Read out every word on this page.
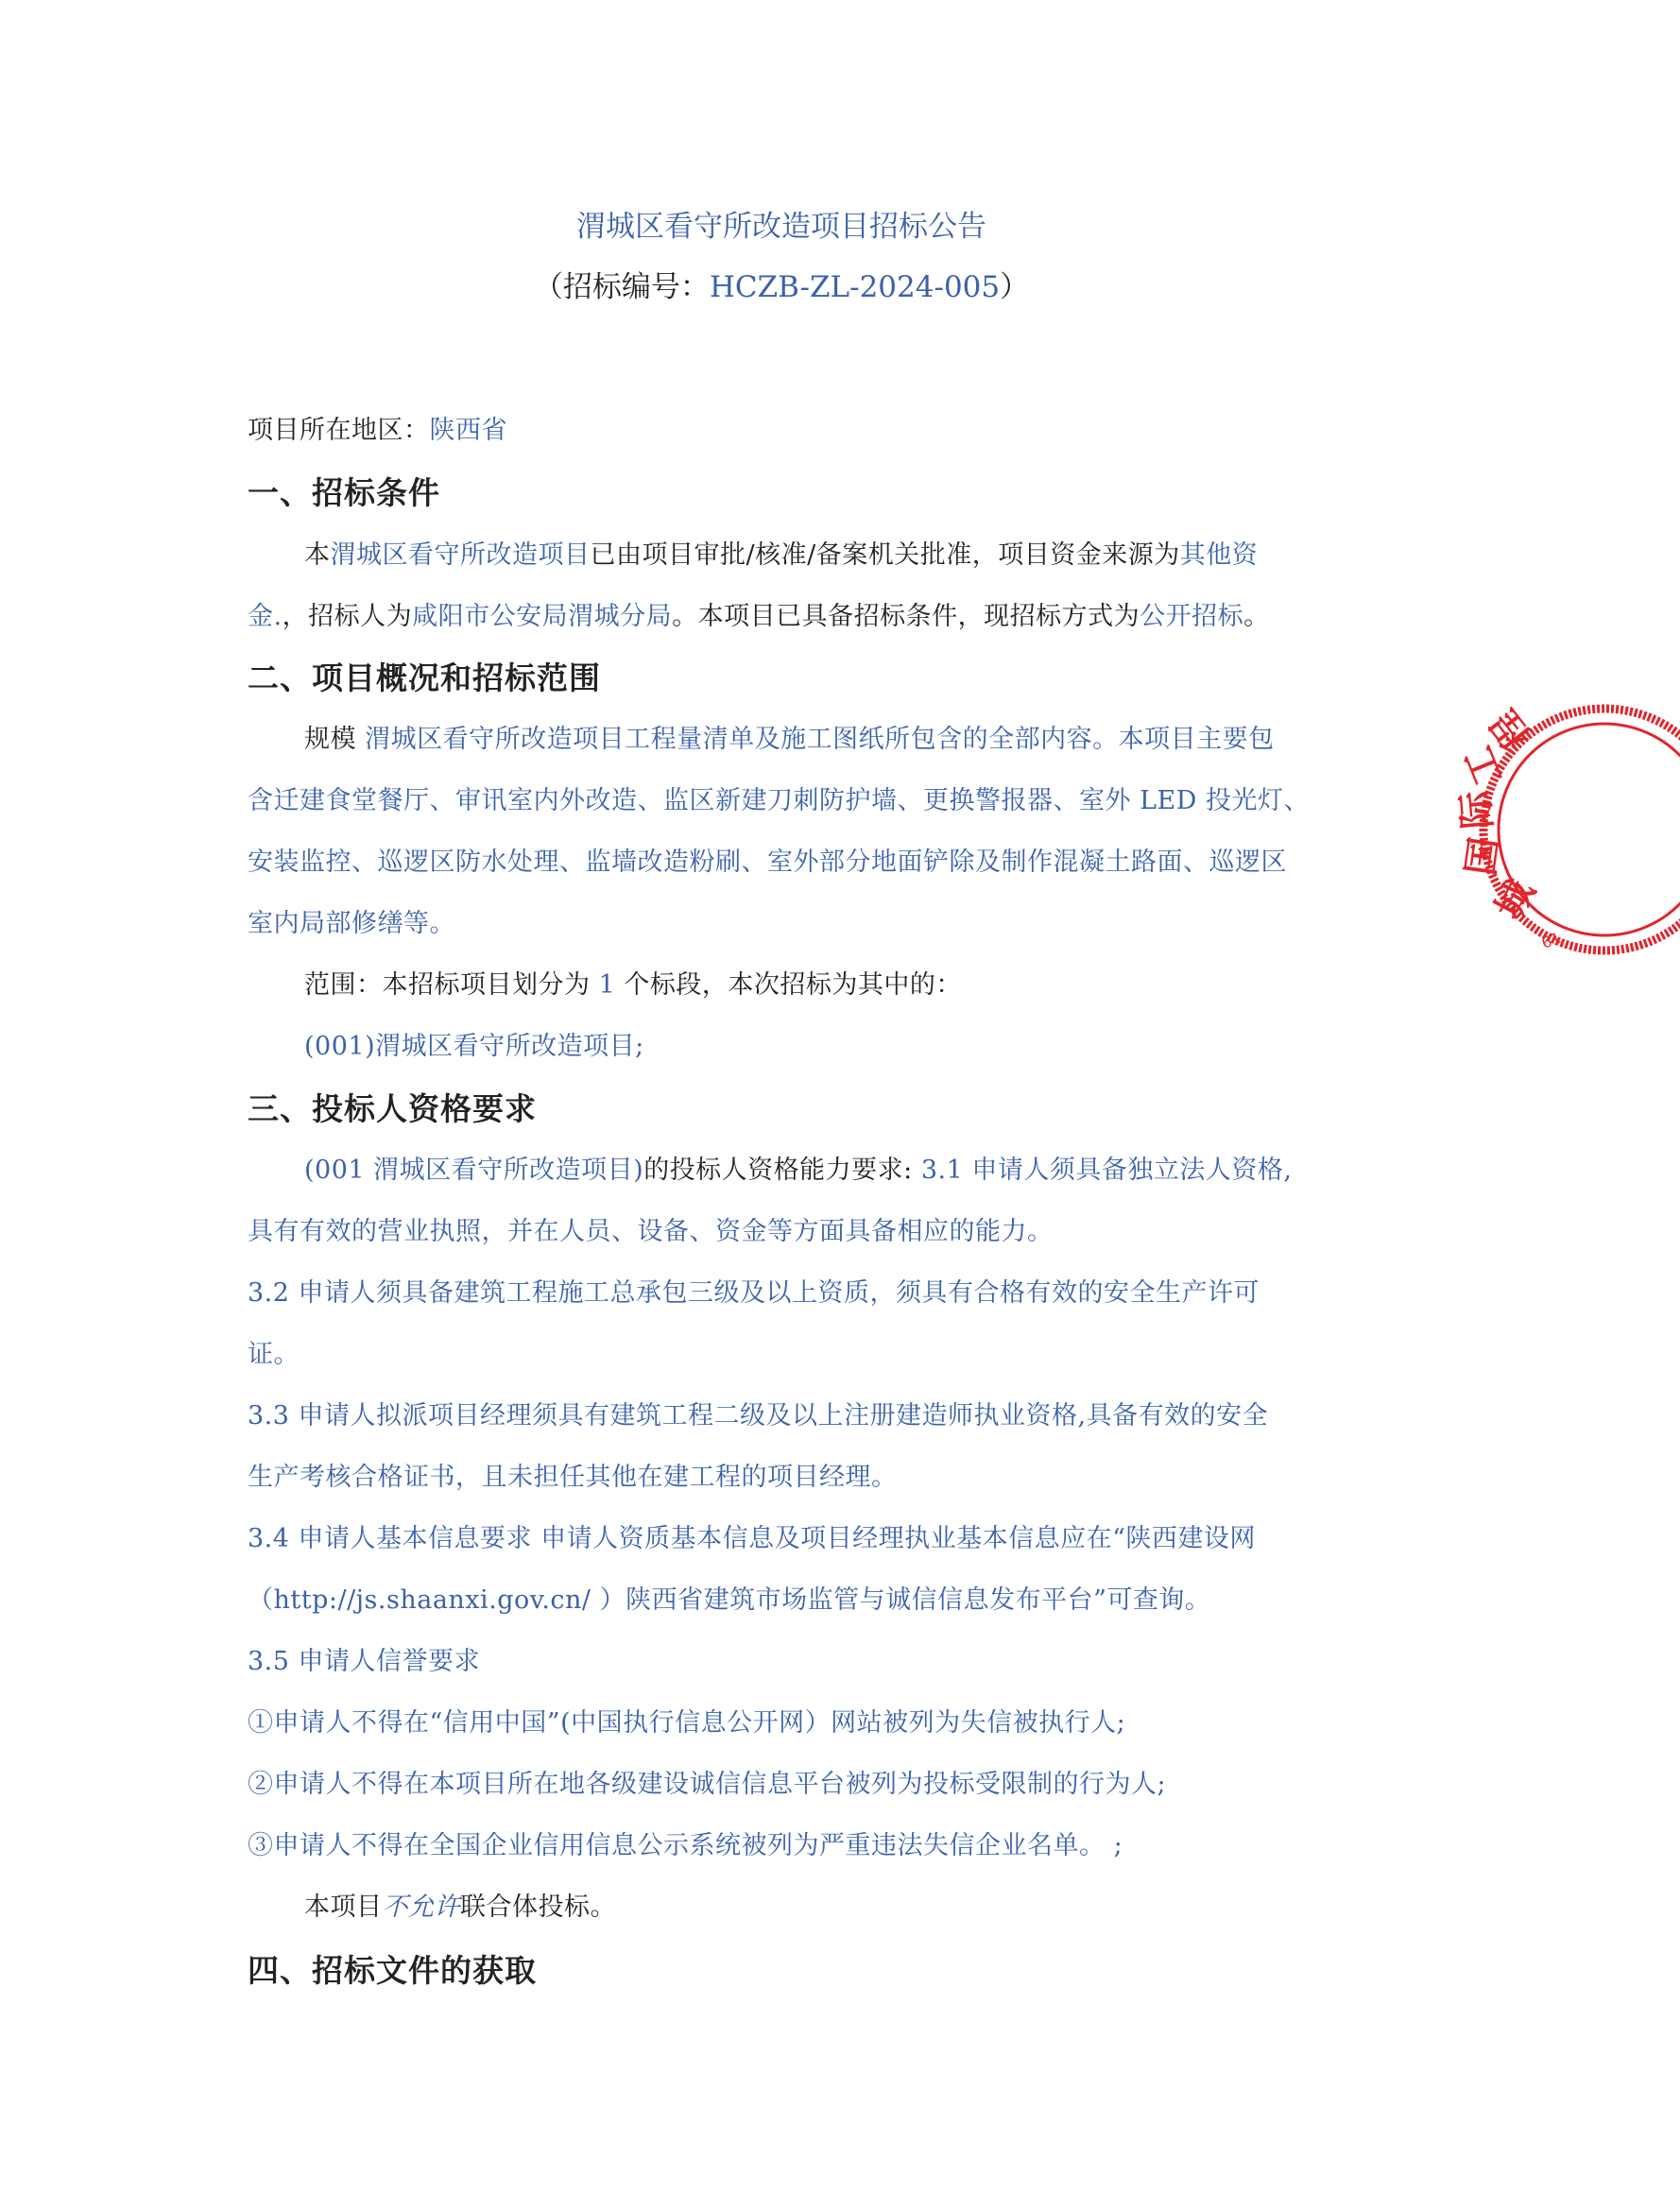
渭城区看守所改造项目招标公告
（招标编号：HCZB-ZL-2024-005）
项目所在地区：陕西省
一、招标条件
本渭城区看守所改造项目已由项目审批/核准/备案机关批准，项目资金来源为其他资
金.，招标人为咸阳市公安局渭城分局。本项目已具备招标条件，现招标方式为公开招标。
二、项目概况和招标范围
规模 渭城区看守所改造项目工程量清单及施工图纸所包含的全部内容。本项目主要包
含迁建食堂餐厅、审讯室内外改造、监区新建刀刺防护墙、更换警报器、室外 LED 投光灯、
安装监控、巡逻区防水处理、监墙改造粉刷、室外部分地面铲除及制作混凝土路面、巡逻区
室内局部修缮等。
范围：本招标项目划分为 1 个标段，本次招标为其中的：
(001)渭城区看守所改造项目;
三、投标人资格要求
(001 渭城区看守所改造项目)的投标人资格能力要求: 3.1 申请人须具备独立法人资格,
具有有效的营业执照，并在人员、设备、资金等方面具备相应的能力。
3.2 申请人须具备建筑工程施工总承包三级及以上资质，须具有合格有效的安全生产许可
证。
3.3 申请人拟派项目经理须具有建筑工程二级及以上注册建造师执业资格,具备有效的安全
生产考核合格证书，且未担任其他在建工程的项目经理。
3.4 申请人基本信息要求 申请人资质基本信息及项目经理执业基本信息应在“陕西建设网
（http://js.shaanxi.gov.cn/ ）陕西省建筑市场监管与诚信信息发布平台”可查询。
3.5 申请人信誉要求
①申请人不得在“信用中国”(中国执行信息公开网）网站被列为失信被执行人;
②申请人不得在本项目所在地各级建设诚信信息平台被列为投标受限制的行为人;
③申请人不得在全国企业信用信息公示系统被列为严重违法失信企业名单。 ;
本项目不允许联合体投标。
四、招标文件的获取
城
国
际
工
程
61
